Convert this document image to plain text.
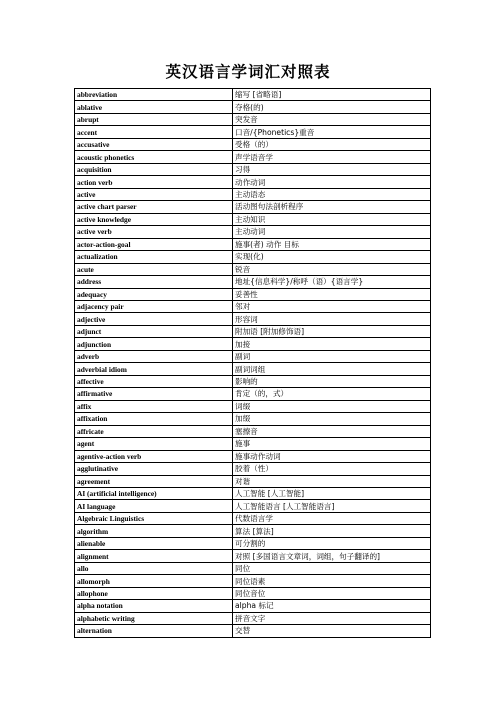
英汉语言学词汇对照表
abbreviation	缩写 [省略语]
ablative	夺格(的)
abrupt	突发音
accent	口音/{Phonetics}重音
accusative	受格（的）
acoustic phonetics	声学语音学
acquisition	习得
action verb	动作动词
active	主动语态
active chart parser	活动图句法剖析程序
active knowledge	主动知识
active verb	主动动词
actor-action-goal	施事(者) 动作 目标
actualization	实现(化)
acute	锐音
address	地址{信息科学}/称呼（语）{语言学}
adequacy	妥善性
adjacency pair	邻对
adjective	形容词
adjunct	附加语 [附加修饰语]
adjunction	加接
adverb	副词
adverbial idiom	副词词组
affective	影响的
affirmative	肯定（的，式）
affix	词缀
affixation	加缀
affricate	塞擦音
agent	施事
agentive-action verb	施事动作动词
agglutinative	胶着（性）
agreement	对谐
AI (artificial intelligence)	人工智能 [人工智能]
AI language	人工智能语言 [人工智能语言]
Algebraic Linguistics	代数语言学
algorithm	算法 [算法]
alienable	可分割的
alignment	对照 [多国语言文章词，词组，句子翻译的]
allo	同位
allomorph	同位语素
allophone	同位音位
alpha notation	alpha 标记
alphabetic writing	拼音文字
alternation	交替
